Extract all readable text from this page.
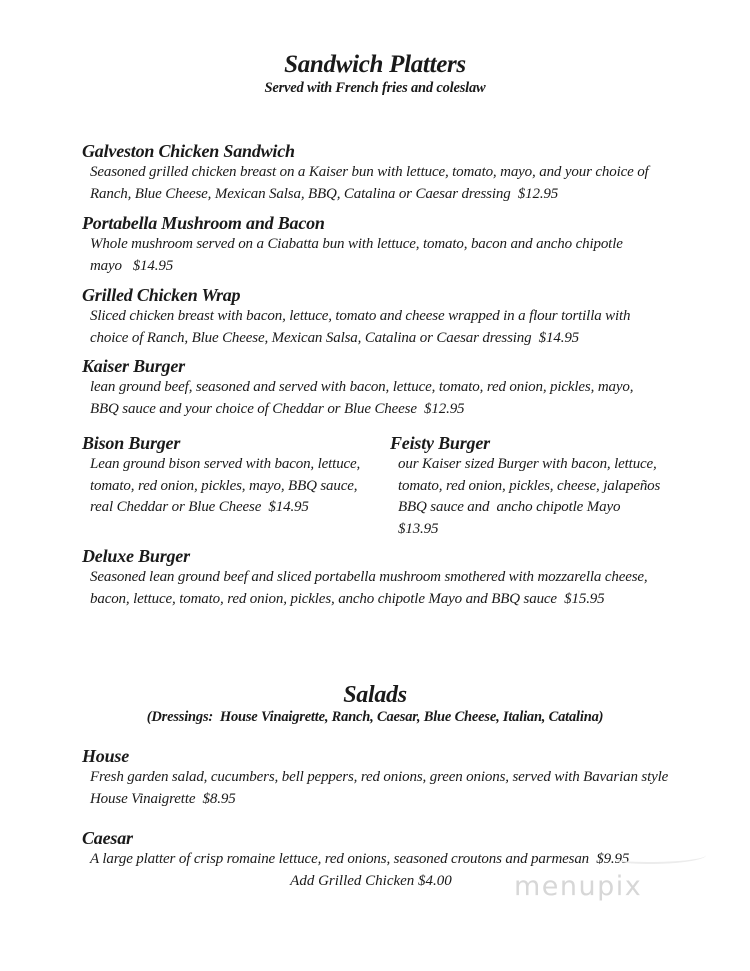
Sandwich Platters

Served with French fries and coleslaw

Galveston Chicken Sandwich

Seasoned grilled chicken breast on a Kaiser bun with lettuce, tomato, mayo, and your choice of

Ranch, Blue Cheese, Mexican Salsa, BBQ, Catalina or Caesar dressing  $12.95

Portabella Mushroom and Bacon

Whole mushroom served on a Ciabatta bun with lettuce, tomato, bacon and ancho chipotle

mayo   $14.95

Grilled Chicken Wrap

Sliced chicken breast with bacon, lettuce, tomato and cheese wrapped in a flour tortilla with

choice of Ranch, Blue Cheese, Mexican Salsa, Catalina or Caesar dressing  $14.95

Kaiser Burger

lean ground beef, seasoned and served with bacon, lettuce, tomato, red onion, pickles, mayo,

BBQ sauce and your choice of Cheddar or Blue Cheese  $12.95

Bison Burger

Lean ground bison served with bacon, lettuce,

tomato, red onion, pickles, mayo, BBQ sauce,

real Cheddar or Blue Cheese  $14.95

Feisty Burger

our Kaiser sized Burger with bacon, lettuce,

tomato, red onion, pickles, cheese, jalapeños

BBQ sauce and  ancho chipotle Mayo

$13.95

Deluxe Burger

Seasoned lean ground beef and sliced portabella mushroom smothered with mozzarella cheese,

bacon, lettuce, tomato, red onion, pickles, ancho chipotle Mayo and BBQ sauce  $15.95

Salads

(Dressings:  House Vinaigrette, Ranch, Caesar, Blue Cheese, Italian, Catalina)

House

Fresh garden salad, cucumbers, bell peppers, red onions, green onions, served with Bavarian style

House Vinaigrette  $8.95

Caesar

A large platter of crisp romaine lettuce, red onions, seasoned croutons and parmesan  $9.95

Add Grilled Chicken $4.00	menupix
